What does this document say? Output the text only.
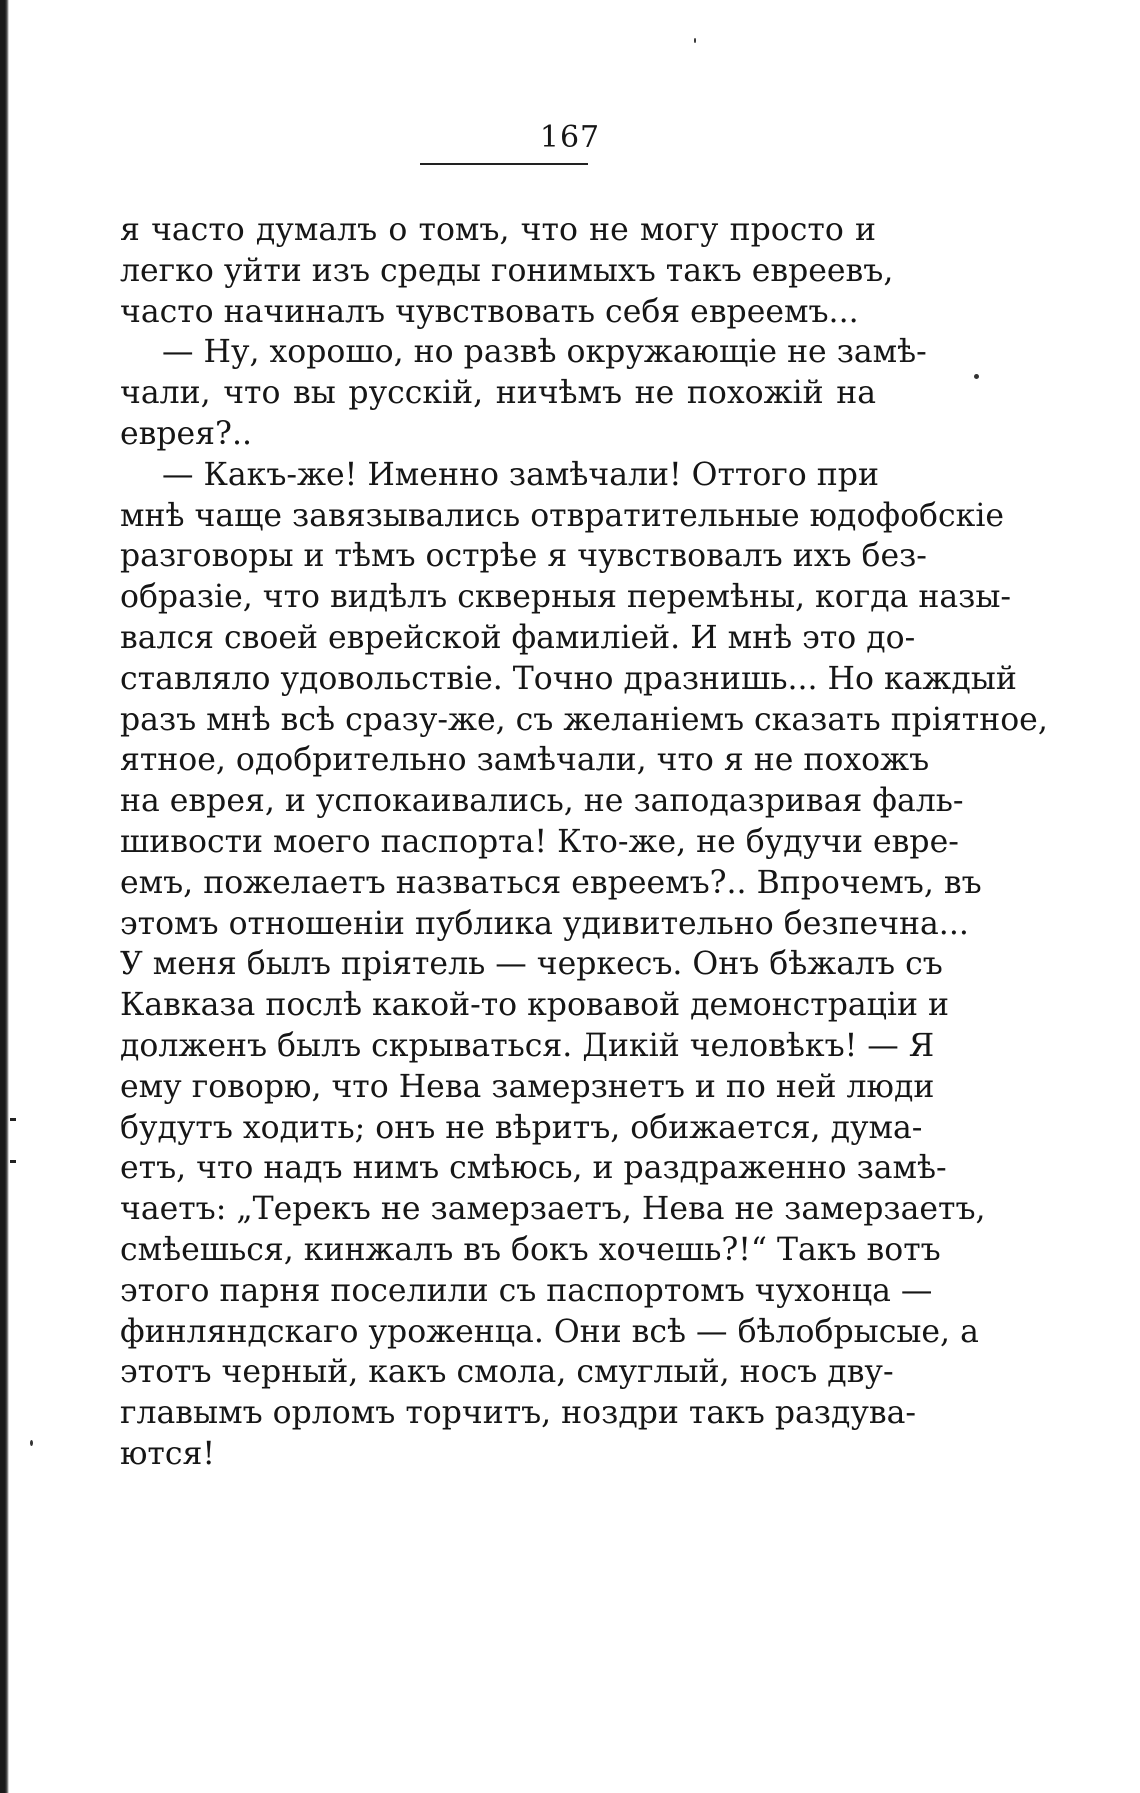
167
я часто думалъ о томъ, что не могу просто и
легко уйти изъ среды гонимыхъ такъ евреевъ,
часто начиналъ чувствовать себя евреемъ...
— Ну, хорошо, но развѣ окружающіе не замѣ-
чали, что вы русскій, ничѣмъ не похожій на
еврея?..
— Какъ-же! Именно замѣчали! Оттого при
мнѣ чаще завязывались отвратительные юдофобскіе
разговоры и тѣмъ острѣе я чувствовалъ ихъ без-
образіе, что видѣлъ скверныя перемѣны, когда назы-
вался своей еврейской фамиліей. И мнѣ это до-
ставляло удовольствіе. Точно дразнишь... Но каждый
разъ мнѣ всѣ сразу-же, съ желаніемъ сказать пріятное,
ятное, одобрительно замѣчали, что я не похожъ
на еврея, и успокаивались, не заподазривая фаль-
шивости моего паспорта! Кто-же, не будучи евре-
емъ, пожелаетъ назваться евреемъ?.. Впрочемъ, въ
этомъ отношеніи публика удивительно безпечна...
У меня былъ пріятель — черкесъ. Онъ бѣжалъ съ
Кавказа послѣ какой-то кровавой демонстраціи и
долженъ былъ скрываться. Дикій человѣкъ! — Я
ему говорю, что Нева замерзнетъ и по ней люди
будутъ ходить; онъ не вѣритъ, обижается, дума-
етъ, что надъ нимъ смѣюсь, и раздраженно замѣ-
чаетъ: „Терекъ не замерзаетъ, Нева не замерзаетъ,
смѣешься, кинжалъ въ бокъ хочешь?!“ Такъ вотъ
этого парня поселили съ паспортомъ чухонца —
финляндскаго уроженца. Они всѣ — бѣлобрысые, а
этотъ черный, какъ смола, смуглый, носъ дву-
главымъ орломъ торчитъ, ноздри такъ раздува-
ются!
